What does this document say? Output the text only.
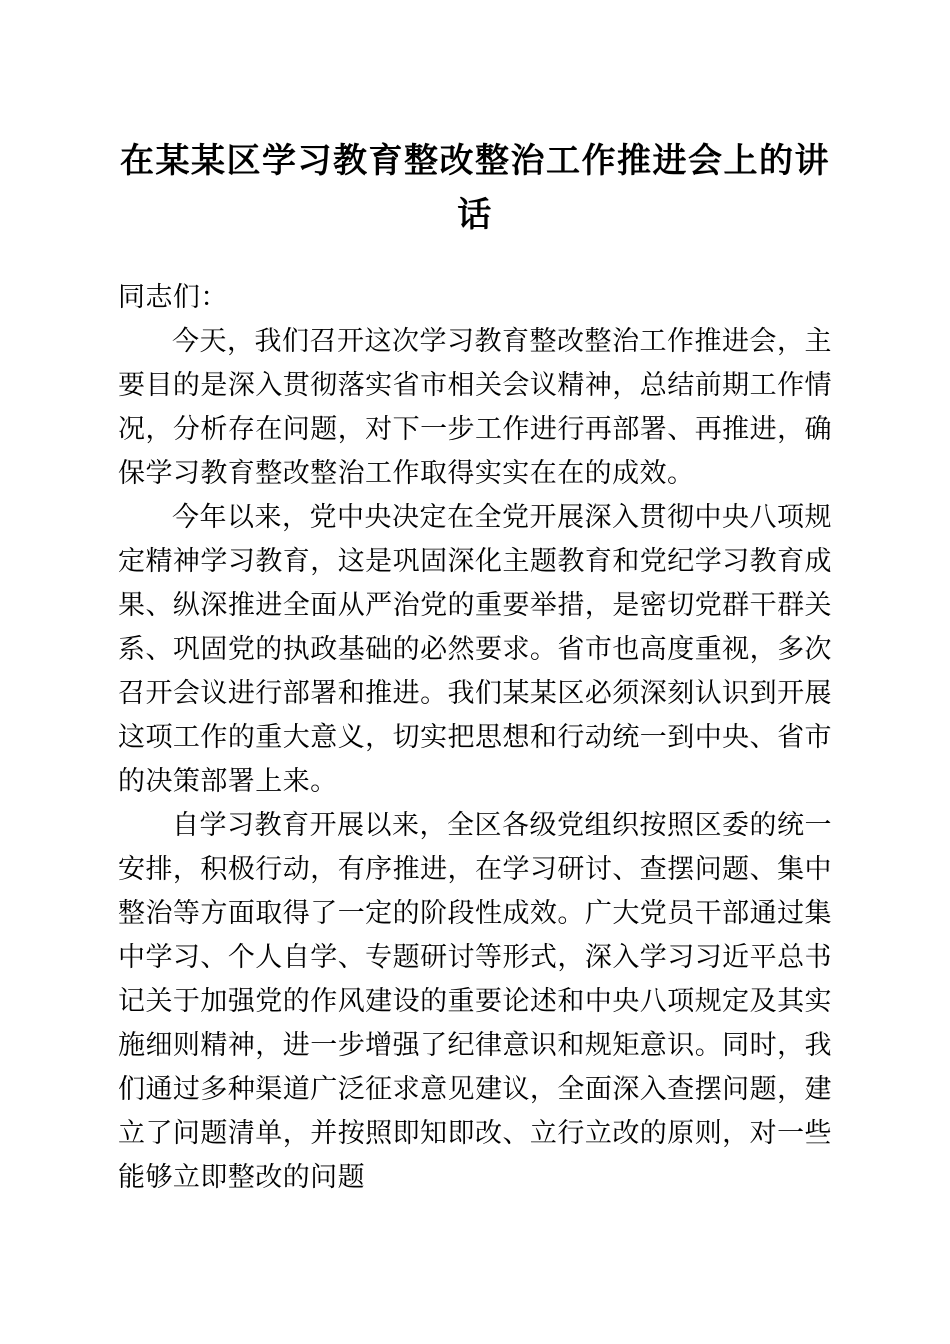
在某某区学习教育整改整治工作推进会上的讲话

同志们：

今天，我们召开这次学习教育整改整治工作推进会，主要目的是深入贯彻落实省市相关会议精神，总结前期工作情况，分析存在问题，对下一步工作进行再部署、再推进，确保学习教育整改整治工作取得实实在在的成效。

今年以来，党中央决定在全党开展深入贯彻中央八项规定精神学习教育，这是巩固深化主题教育和党纪学习教育成果、纵深推进全面从严治党的重要举措，是密切党群干群关系、巩固党的执政基础的必然要求。省市也高度重视，多次召开会议进行部署和推进。我们某某区必须深刻认识到开展这项工作的重大意义，切实把思想和行动统一到中央、省市的决策部署上来。

自学习教育开展以来，全区各级党组织按照区委的统一安排，积极行动，有序推进，在学习研讨、查摆问题、集中整治等方面取得了一定的阶段性成效。广大党员干部通过集中学习、个人自学、专题研讨等形式，深入学习习近平总书记关于加强党的作风建设的重要论述和中央八项规定及其实施细则精神，进一步增强了纪律意识和规矩意识。同时，我们通过多种渠道广泛征求意见建议，全面深入查摆问题，建立了问题清单，并按照即知即改、立行立改的原则，对一些能够立即整改的问题
